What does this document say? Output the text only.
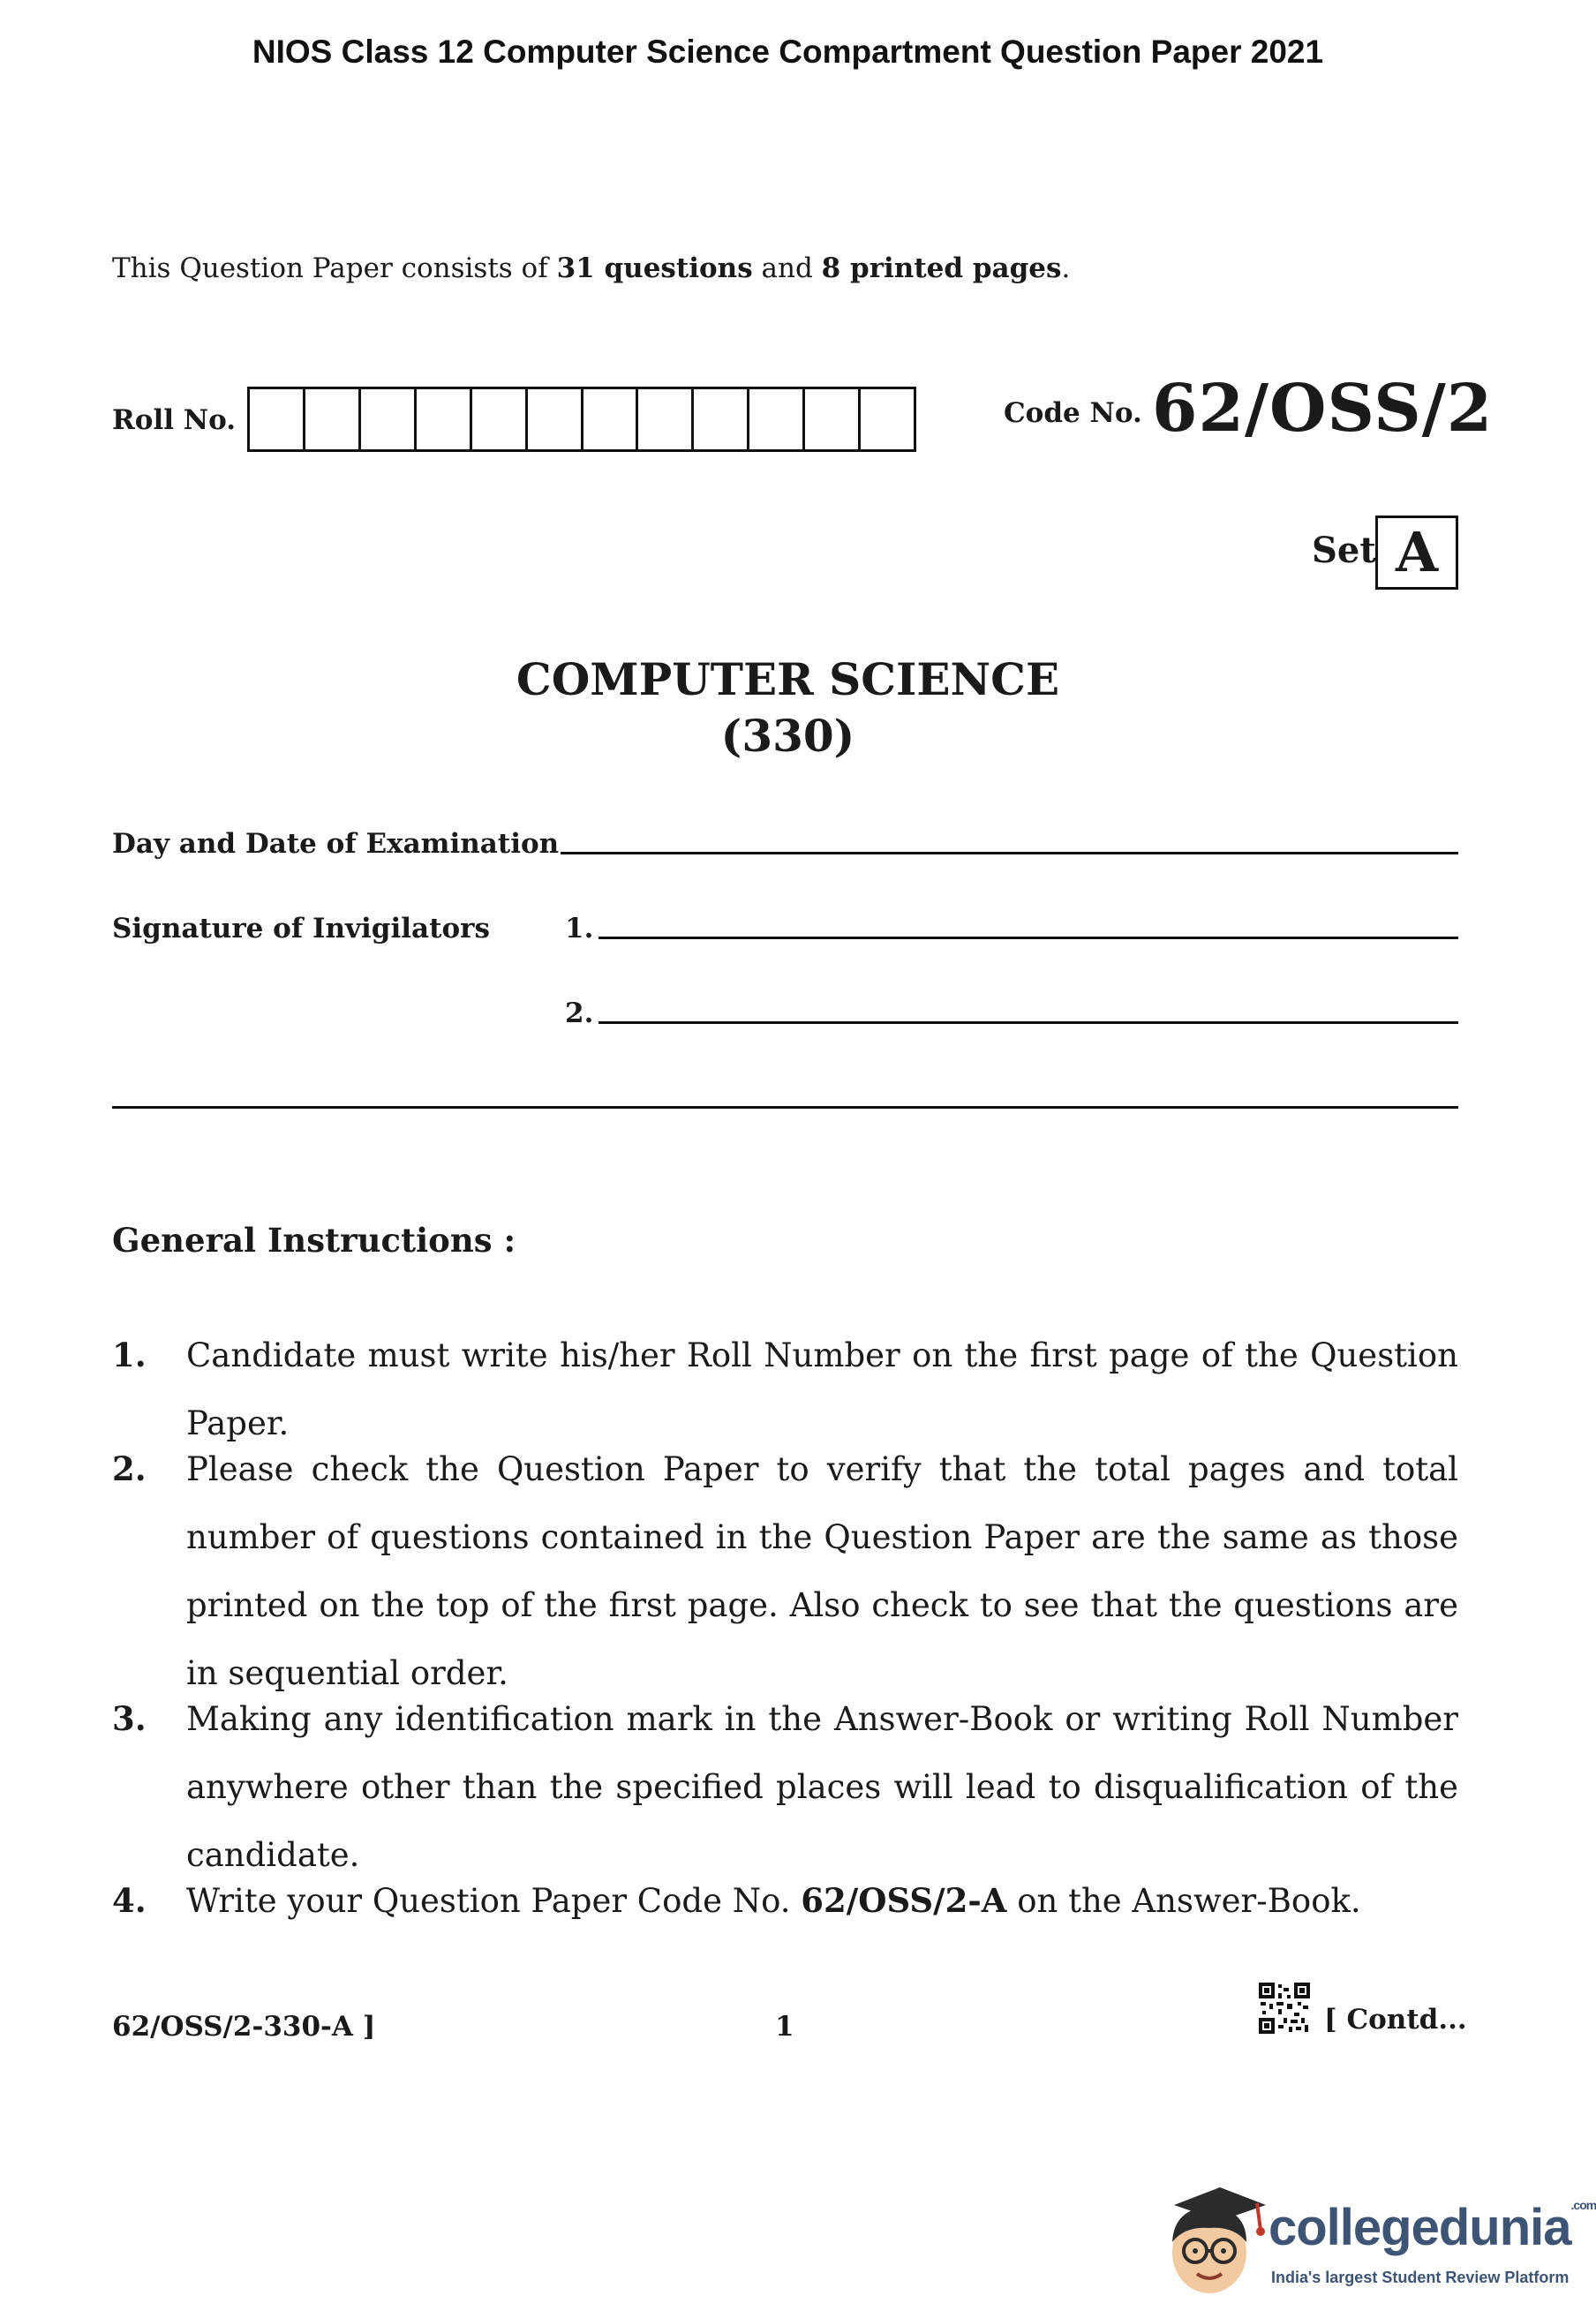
NIOS Class 12 Computer Science Compartment Question Paper 2021
This Question Paper consists of 31 questions and 8 printed pages.
Roll No.	Code No. 62/OSS/2
Set A
COMPUTER SCIENCE
(330)
Day and Date of Examination
Signature of Invigilators	1.
2.
General Instructions :
1. Candidate must write his/her Roll Number on the first page of the Question Paper.
2. Please check the Question Paper to verify that the total pages and total number of questions contained in the Question Paper are the same as those printed on the top of the first page. Also check to see that the questions are in sequential order.
3. Making any identification mark in the Answer-Book or writing Roll Number anywhere other than the specified places will lead to disqualification of the candidate.
4. Write your Question Paper Code No. 62/OSS/2-A on the Answer-Book.
62/OSS/2-330-A ]	1	[ Contd...
collegedunia$^{.com}$
India's largest Student Review Platform
